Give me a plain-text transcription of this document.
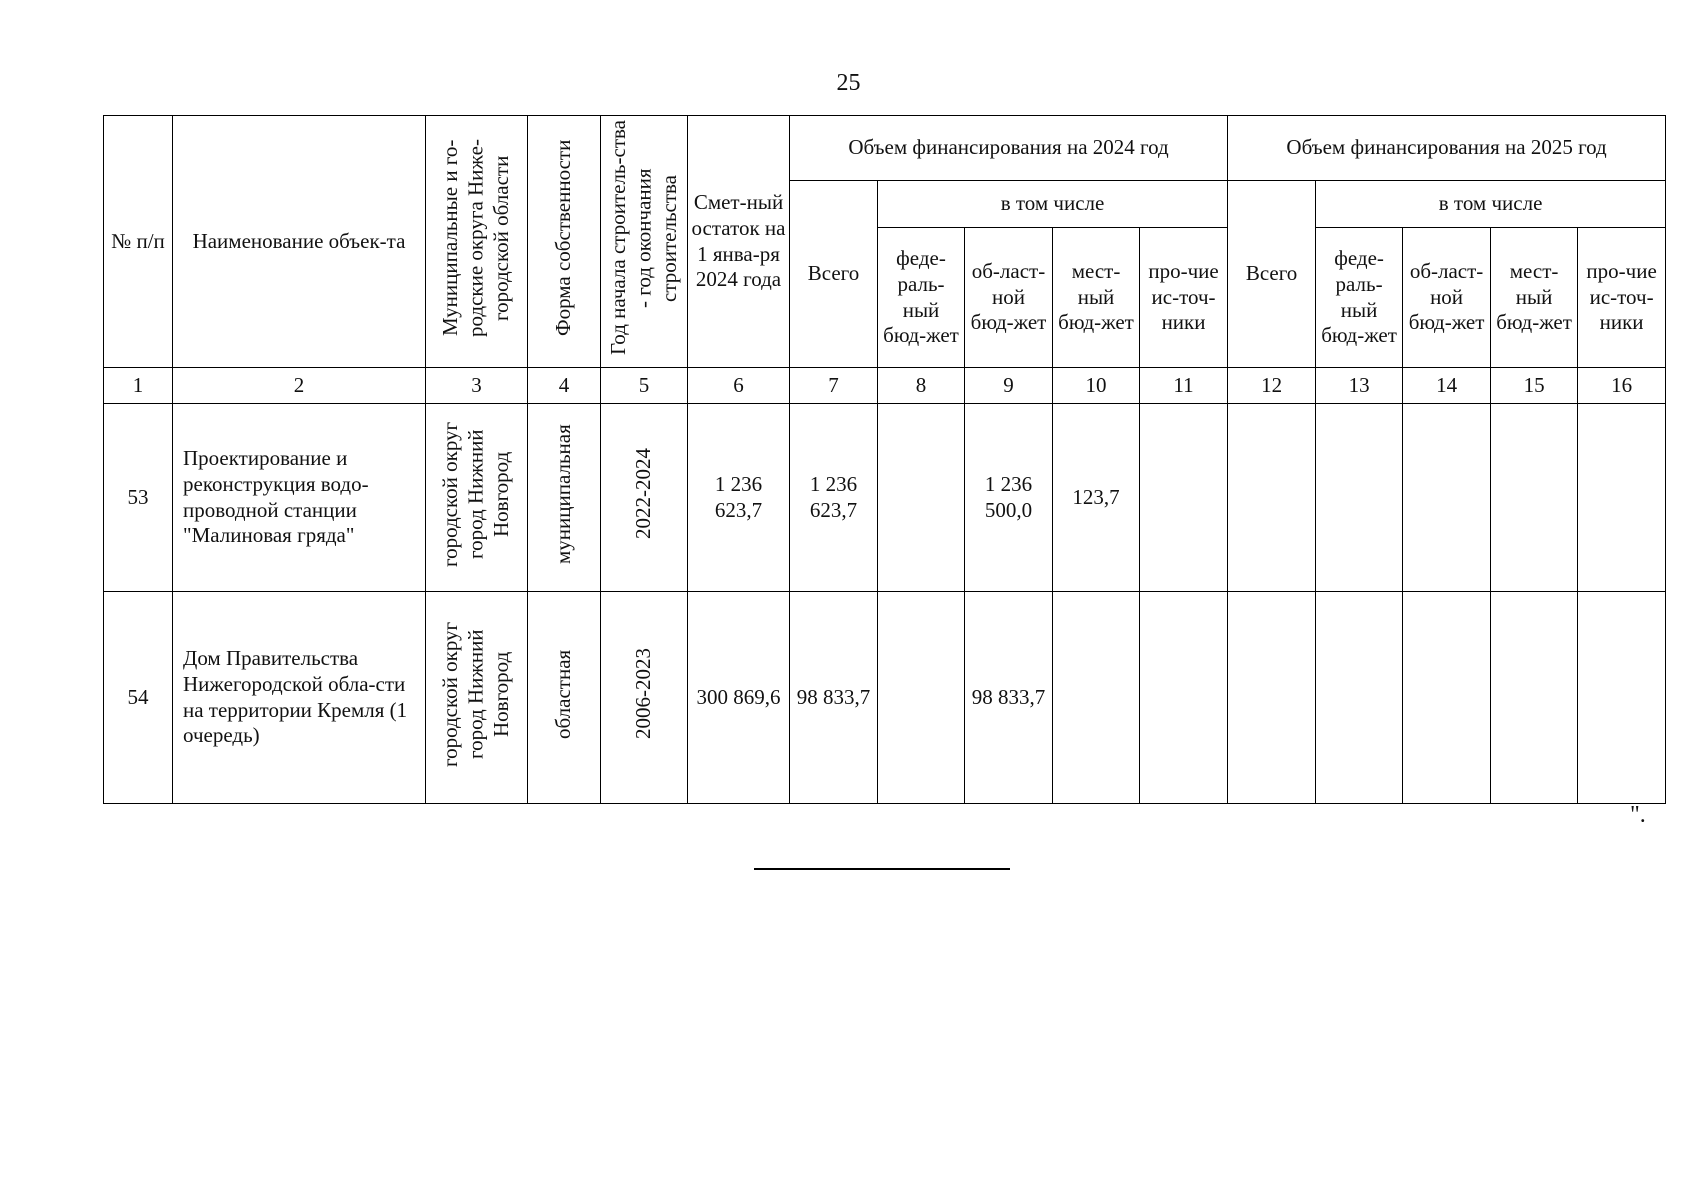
25
№ п/п	Наименование объек-та	Муниципальные и го-родские округа Ниже-городской области	Форма собственности	Год начала строитель-ства - год окончания строительства	Смет-ный остаток на 1 янва-ря 2024 года	Объем финансирования на 2024 год					Объем финансирования на 2025 год				
						Всего	в том числе				Всего	в том числе			
							феде-раль-ный бюд-жет	об-ласт-ной бюд-жет	мест-ный бюд-жет	про-чие ис-точ-ники		феде-раль-ный бюд-жет	об-ласт-ной бюд-жет	мест-ный бюд-жет	про-чие ис-точ-ники
1	2	3	4	5	6	7	8	9	10	11	12	13	14	15	16
53	Проектирование и реконструкция водо-проводной станции "Малиновая гряда"	городской округ город Нижний Новгород	муниципальная	2022-2024	1 236 623,7	1 236 623,7		1 236 500,0	123,7						
54	Дом Правительства Нижегородской обла-сти на территории Кремля (1 очередь)	городской округ город Нижний Новгород	областная	2006-2023	300 869,6	98 833,7		98 833,7							
".
